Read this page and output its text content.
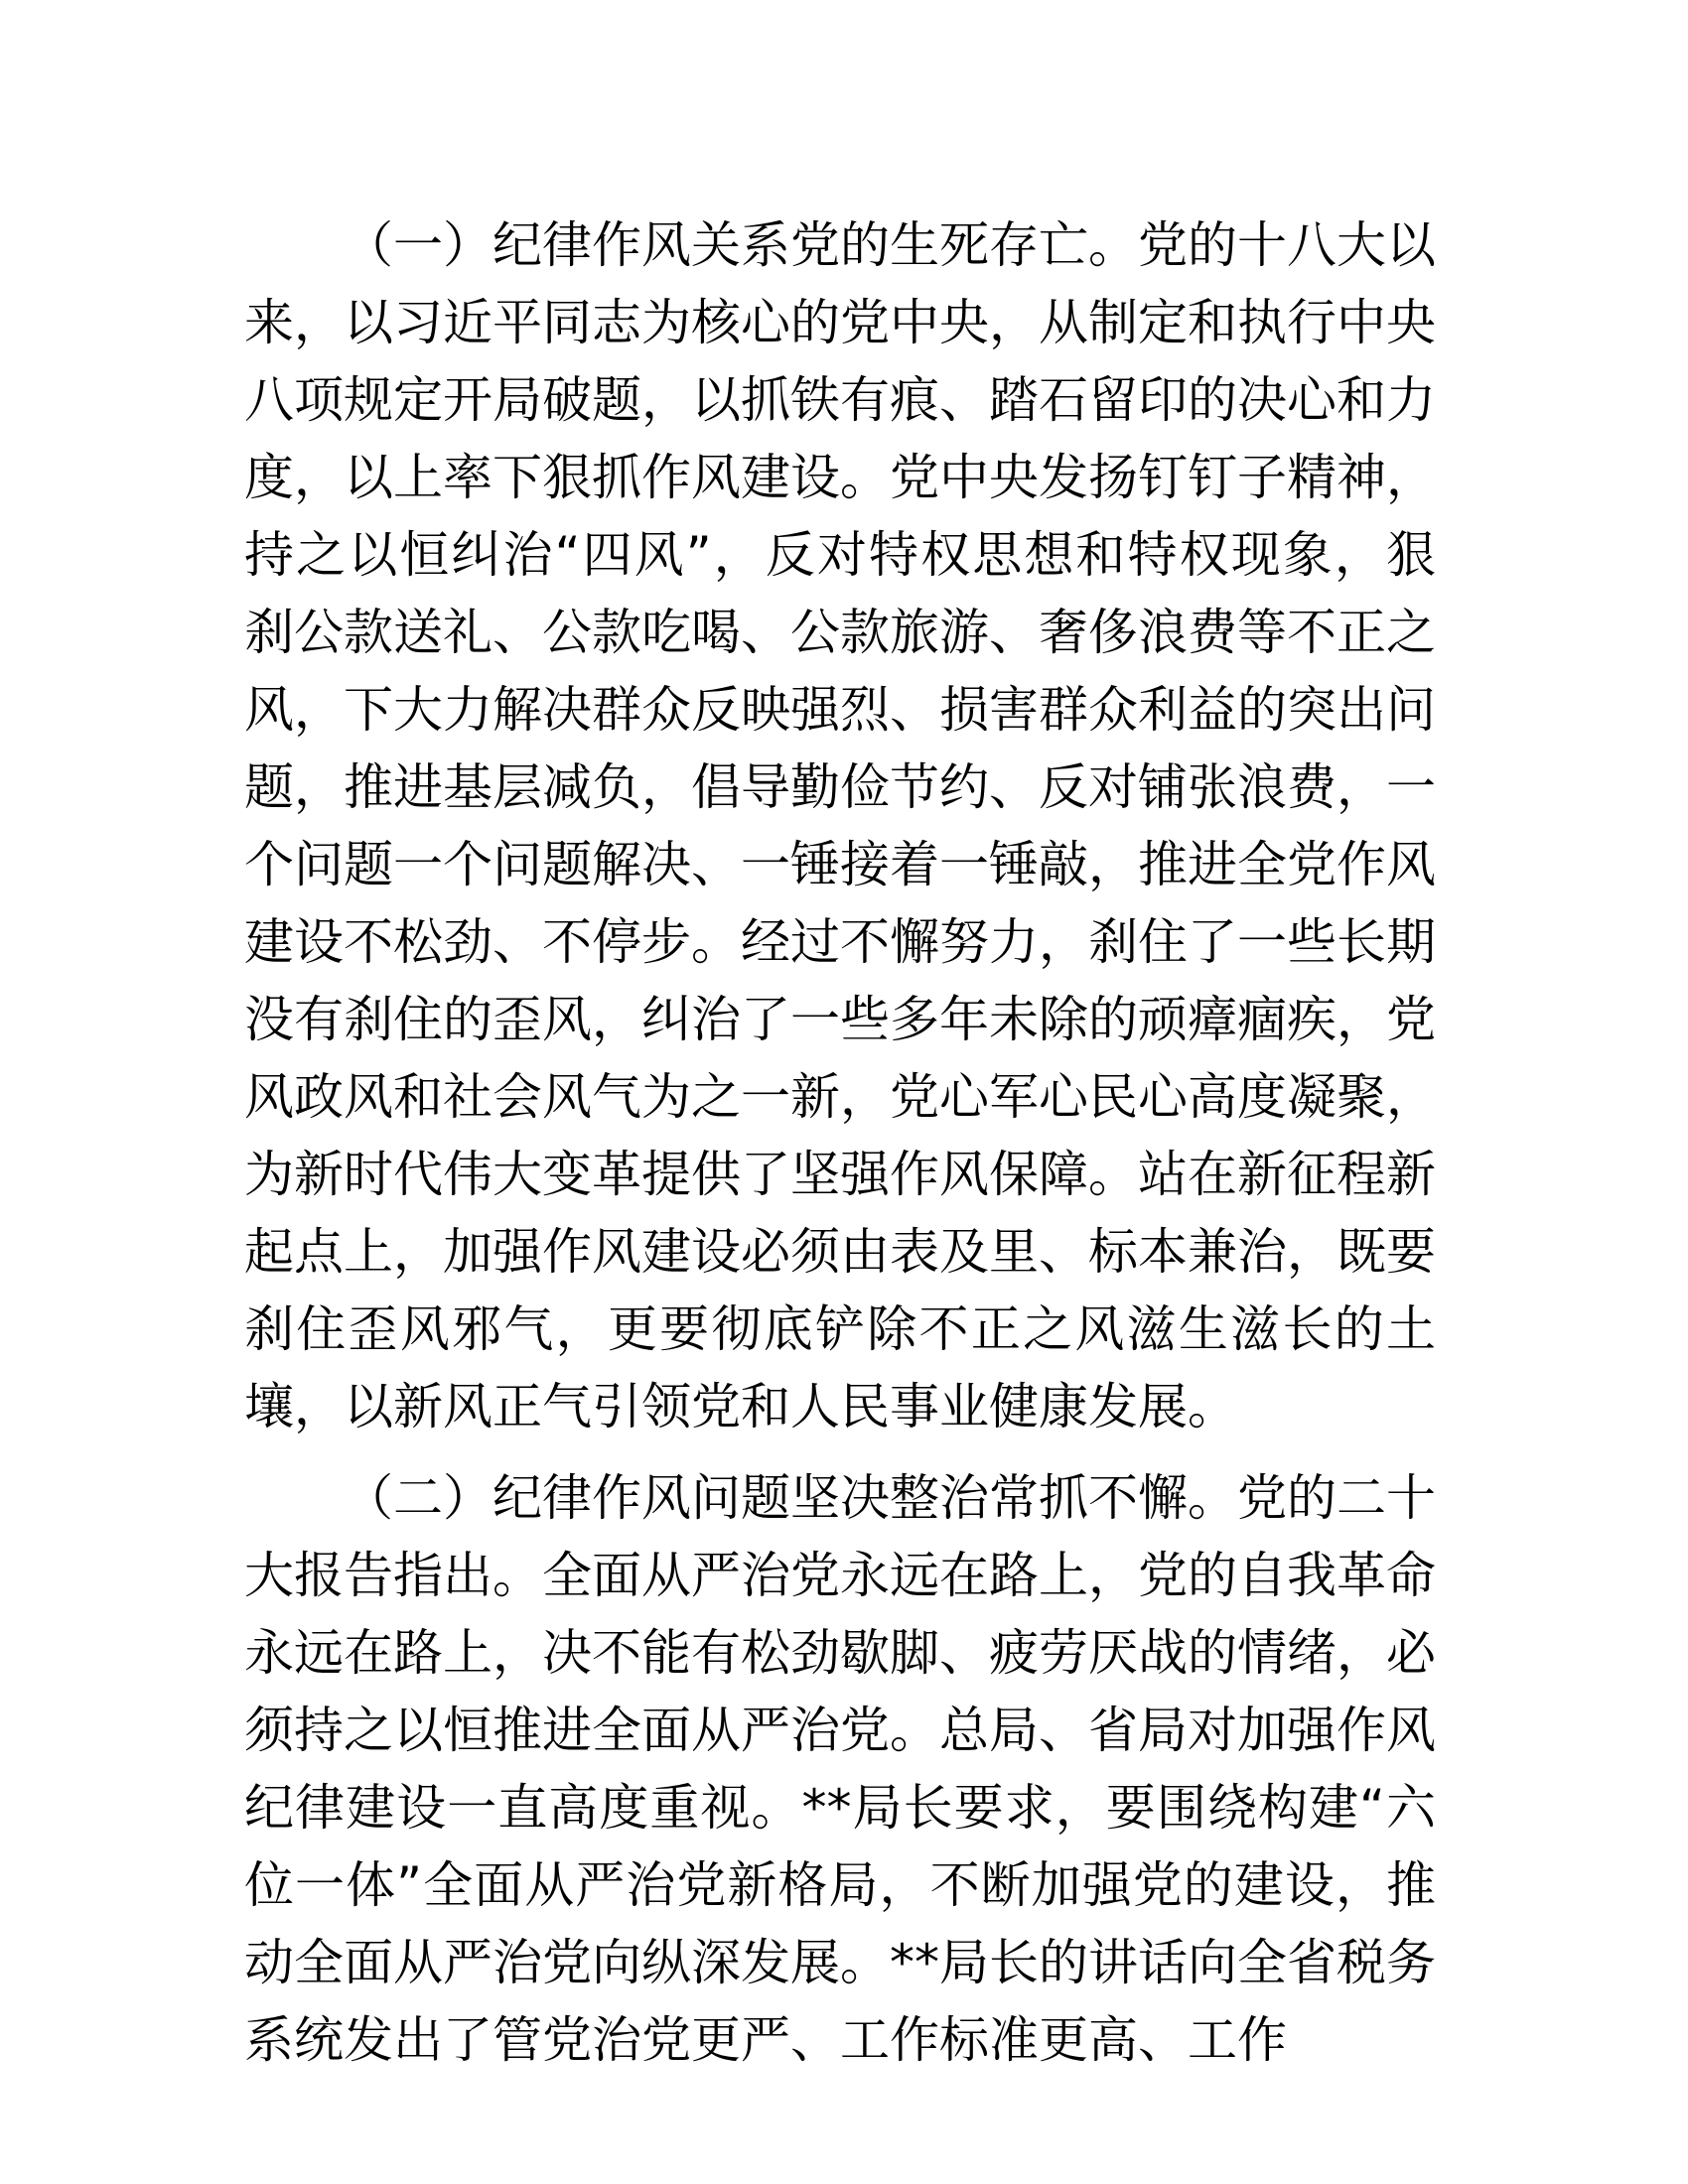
（一）纪律作风关系党的生死存亡。党的十八大以来，以习近平同志为核心的党中央，从制定和执行中央八项规定开局破题，以抓铁有痕、踏石留印的决心和力度，以上率下狠抓作风建设。党中央发扬钉钉子精神，持之以恒纠治“四风”，反对特权思想和特权现象，狠刹公款送礼、公款吃喝、公款旅游、奢侈浪费等不正之风，下大力解决群众反映强烈、损害群众利益的突出问题，推进基层减负，倡导勤俭节约、反对铺张浪费，一个问题一个问题解决、一锤接着一锤敲，推进全党作风建设不松劲、不停步。经过不懈努力，刹住了一些长期没有刹住的歪风，纠治了一些多年未除的顽瘴痼疾，党风政风和社会风气为之一新，党心军心民心高度凝聚，为新时代伟大变革提供了坚强作风保障。站在新征程新起点上，加强作风建设必须由表及里、标本兼治，既要刹住歪风邪气，更要彻底铲除不正之风滋生滋长的土壤，以新风正气引领党和人民事业健康发展。

（二）纪律作风问题坚决整治常抓不懈。党的二十大报告指出。全面从严治党永远在路上，党的自我革命永远在路上，决不能有松劲歇脚、疲劳厌战的情绪，必须持之以恒推进全面从严治党。总局、省局对加强作风纪律建设一直高度重视。**局长要求，要围绕构建“六位一体”全面从严治党新格局，不断加强党的建设，推动全面从严治党向纵深发展。**局长的讲话向全省税务系统发出了管党治党更严、工作标准更高、工作
